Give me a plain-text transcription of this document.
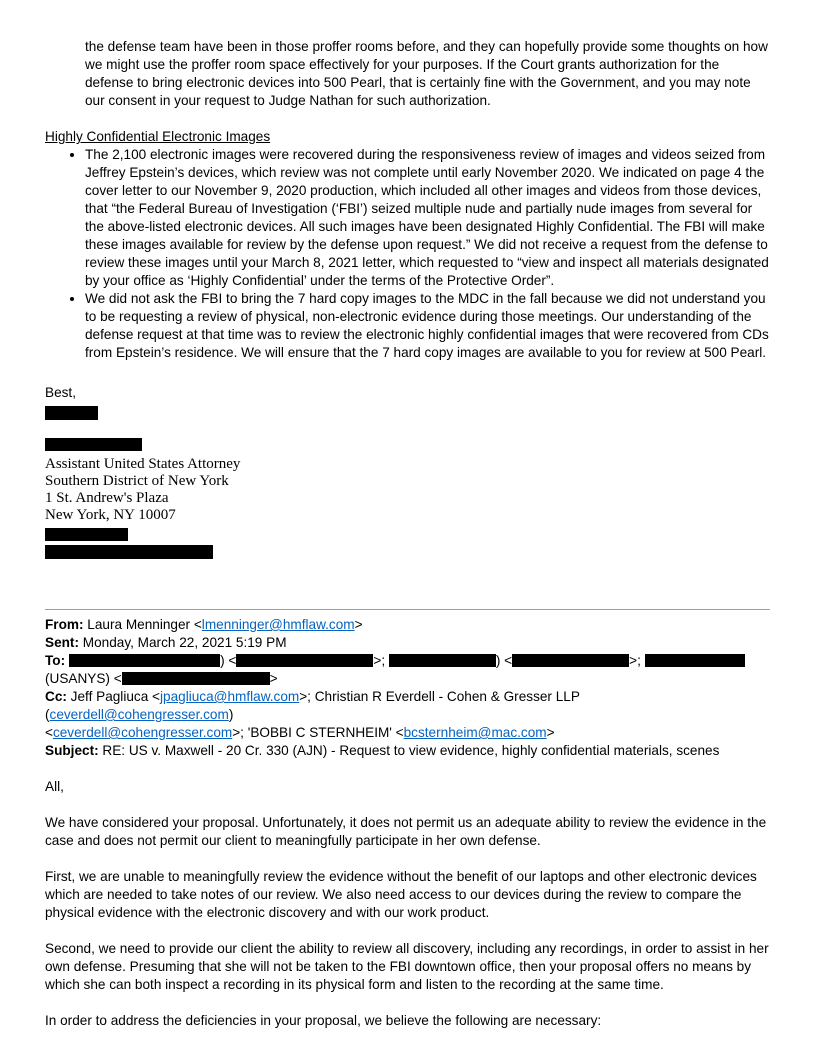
the defense team have been in those proffer rooms before, and they can hopefully provide some thoughts on how we might use the proffer room space effectively for your purposes. If the Court grants authorization for the defense to bring electronic devices into 500 Pearl, that is certainly fine with the Government, and you may note our consent in your request to Judge Nathan for such authorization.

Highly Confidential Electronic Images
• The 2,100 electronic images were recovered during the responsiveness review of images and videos seized from Jeffrey Epstein’s devices, which review was not complete until early November 2020. We indicated on page 4 the cover letter to our November 9, 2020 production, which included all other images and videos from those devices, that “the Federal Bureau of Investigation (‘FBI’) seized multiple nude and partially nude images from several for the above-listed electronic devices. All such images have been designated Highly Confidential. The FBI will make these images available for review by the defense upon request.” We did not receive a request from the defense to review these images until your March 8, 2021 letter, which requested to “view and inspect all materials designated by your office as ‘Highly Confidential’ under the terms of the Protective Order”.
• We did not ask the FBI to bring the 7 hard copy images to the MDC in the fall because we did not understand you to be requesting a review of physical, non-electronic evidence during those meetings. Our understanding of the defense request at that time was to review the electronic highly confidential images that were recovered from CDs from Epstein’s residence. We will ensure that the 7 hard copy images are available to you for review at 500 Pearl.

Best,

Assistant United States Attorney
Southern District of New York
1 St. Andrew's Plaza
New York, NY 10007

From: Laura Menninger <lmenninger@hmflaw.com>

Sent: Monday, March 22, 2021 5:19 PM

To:	) <	>;	) <	>;
(USANYS) <	>

Cc: Jeff Pagliuca <jpagliuca@hmflaw.com>; Christian R Everdell - Cohen & Gresser LLP (ceverdell@cohengresser.com)
<ceverdell@cohengresser.com>; 'BOBBI C STERNHEIM' <bcsternheim@mac.com>

Subject: RE: US v. Maxwell - 20 Cr. 330 (AJN) - Request to view evidence, highly confidential materials, scenes

All,

We have considered your proposal. Unfortunately, it does not permit us an adequate ability to review the evidence in the case and does not permit our client to meaningfully participate in her own defense.

First, we are unable to meaningfully review the evidence without the benefit of our laptops and other electronic devices which are needed to take notes of our review. We also need access to our devices during the review to compare the physical evidence with the electronic discovery and with our work product.

Second, we need to provide our client the ability to review all discovery, including any recordings, in order to assist in her own defense. Presuming that she will not be taken to the FBI downtown office, then your proposal offers no means by which she can both inspect a recording in its physical form and listen to the recording at the same time.

In order to address the deficiencies in your proposal, we believe the following are necessary:
